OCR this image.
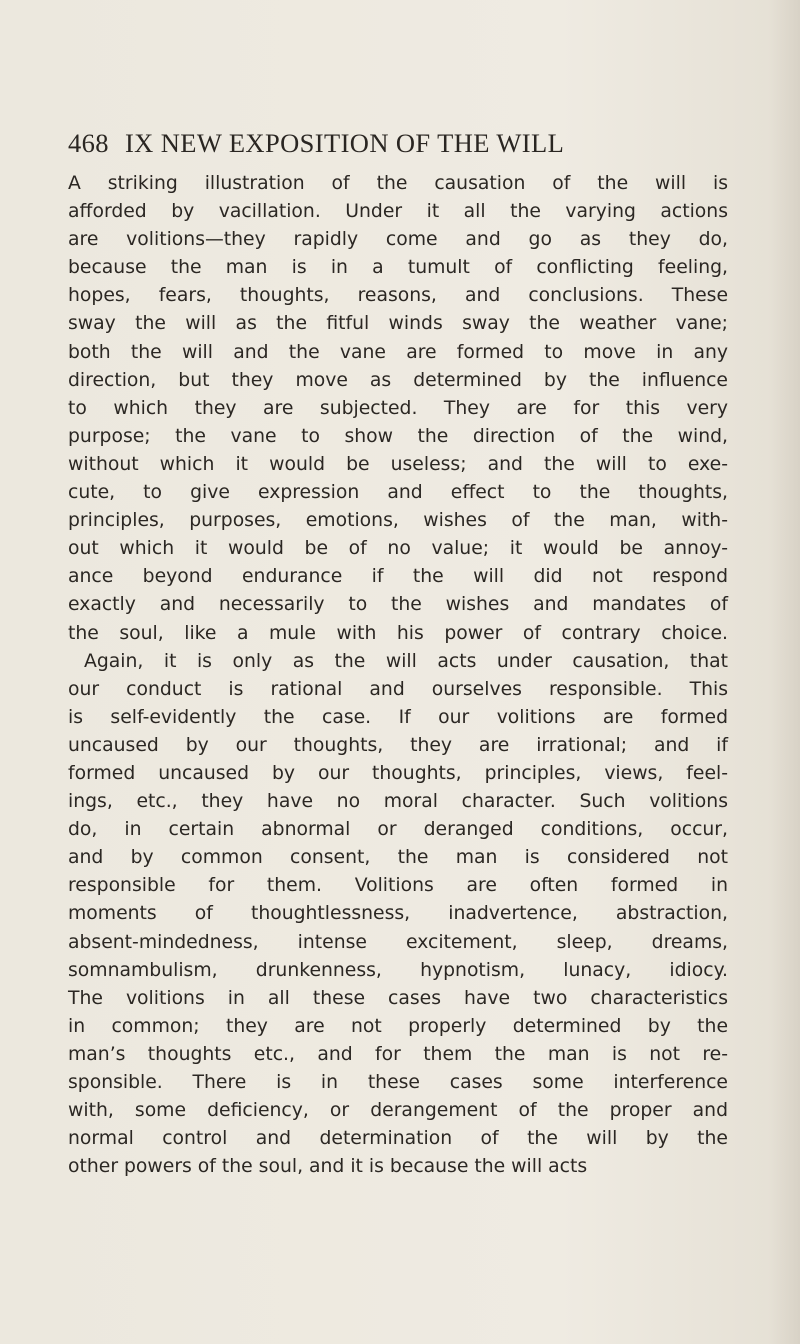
468 IX NEW EXPOSITION OF THE WILL
A striking illustration of the causation of the will is
afforded by vacillation. Under it all the varying actions
are volitions—they rapidly come and go as they do,
because the man is in a tumult of conflicting feeling,
hopes, fears, thoughts, reasons, and conclusions. These
sway the will as the fitful winds sway the weather vane;
both the will and the vane are formed to move in any
direction, but they move as determined by the influence
to which they are subjected. They are for this very
purpose; the vane to show the direction of the wind,
without which it would be useless; and the will to exe-
cute, to give expression and effect to the thoughts,
principles, purposes, emotions, wishes of the man, with-
out which it would be of no value; it would be annoy-
ance beyond endurance if the will did not respond
exactly and necessarily to the wishes and mandates of
the soul, like a mule with his power of contrary choice.
Again, it is only as the will acts under causation, that
our conduct is rational and ourselves responsible. This
is self-evidently the case. If our volitions are formed
uncaused by our thoughts, they are irrational; and if
formed uncaused by our thoughts, principles, views, feel-
ings, etc., they have no moral character. Such volitions
do, in certain abnormal or deranged conditions, occur,
and by common consent, the man is considered not
responsible for them. Volitions are often formed in
moments of thoughtlessness, inadvertence, abstraction,
absent-mindedness, intense excitement, sleep, dreams,
somnambulism, drunkenness, hypnotism, lunacy, idiocy.
The volitions in all these cases have two characteristics
in common; they are not properly determined by the
man’s thoughts etc., and for them the man is not re-
sponsible. There is in these cases some interference
with, some deficiency, or derangement of the proper and
normal control and determination of the will by the
other powers of the soul, and it is because the will acts
